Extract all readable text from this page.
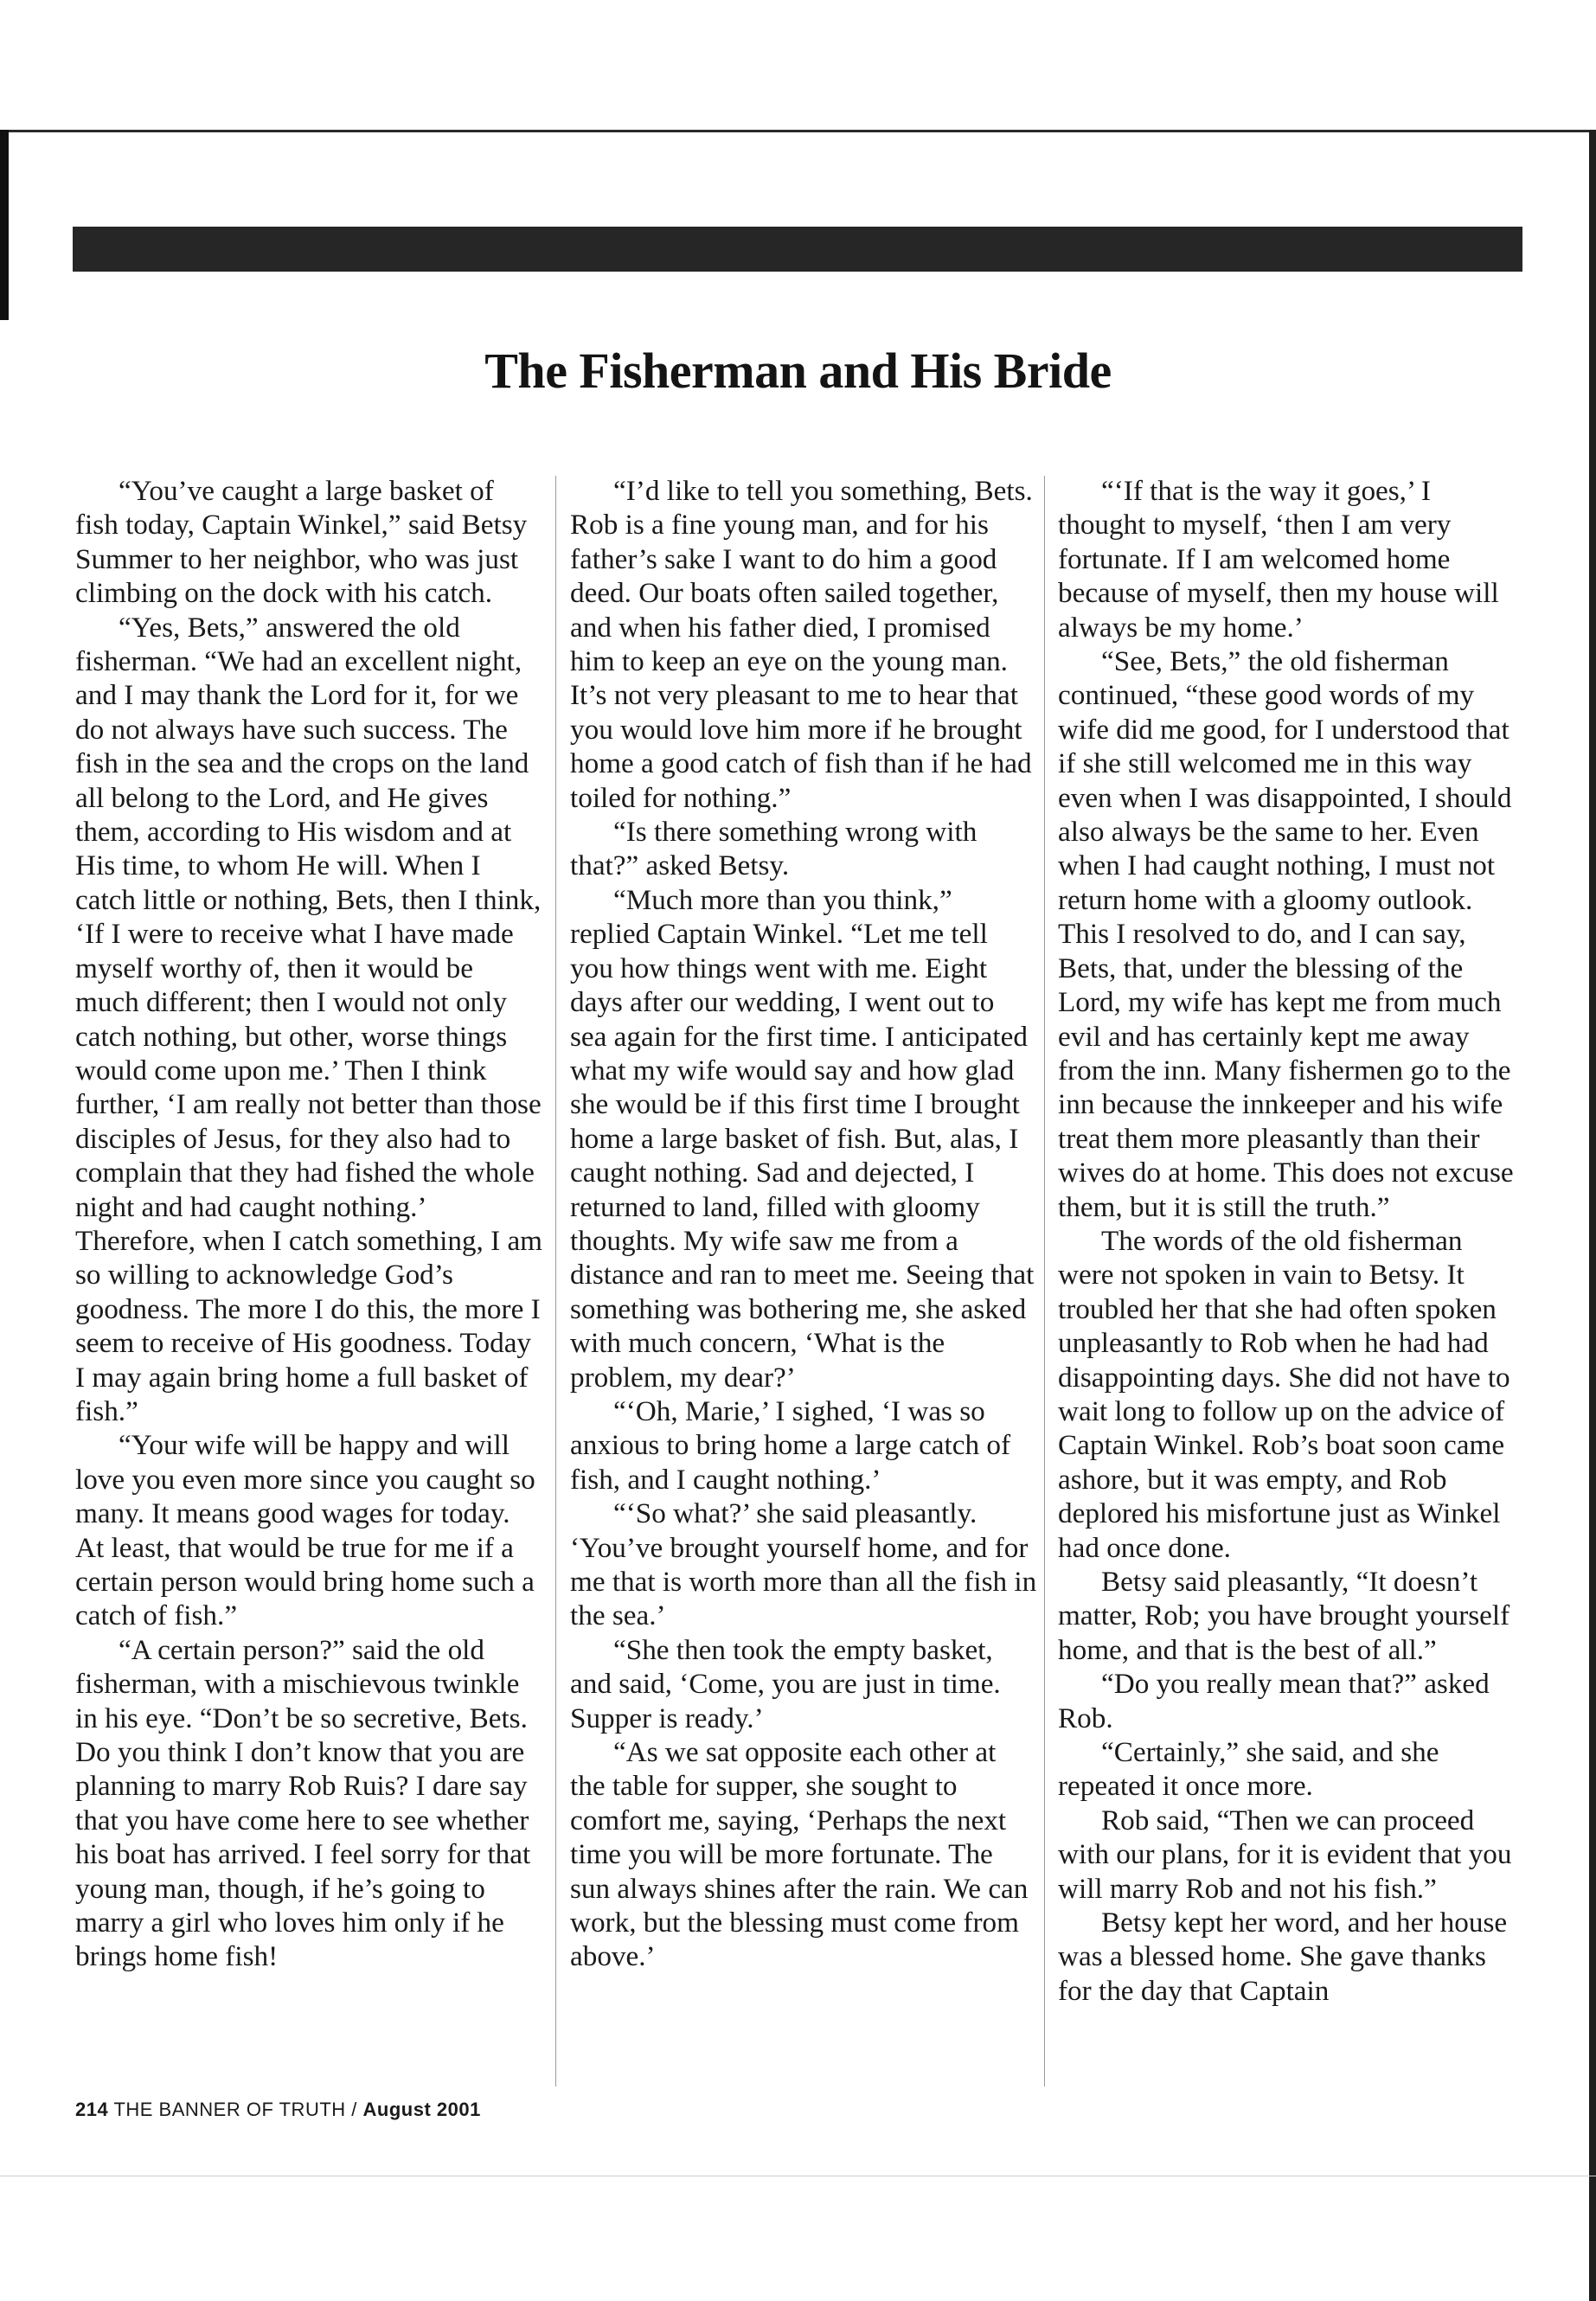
The Fisherman and His Bride

“You’ve caught a large basket of fish today, Captain Winkel,” said Betsy Summer to her neighbor, who was just climbing on the dock with his catch.

“Yes, Bets,” answered the old fisherman. “We had an excellent night, and I may thank the Lord for it, for we do not always have such success. The fish in the sea and the crops on the land all belong to the Lord, and He gives them, according to His wisdom and at His time, to whom He will. When I catch little or nothing, Bets, then I think, ‘If I were to receive what I have made myself worthy of, then it would be much different; then I would not only catch nothing, but other, worse things would come upon me.’ Then I think further, ‘I am really not better than those disciples of Jesus, for they also had to complain that they had fished the whole night and had caught nothing.’ Therefore, when I catch something, I am so willing to acknowledge God’s goodness. The more I do this, the more I seem to receive of His goodness. Today I may again bring home a full basket of fish.”

“Your wife will be happy and will love you even more since you caught so many. It means good wages for today. At least, that would be true for me if a certain person would bring home such a catch of fish.”

“A certain person?” said the old fisherman, with a mischievous twinkle in his eye. “Don’t be so secretive, Bets. Do you think I don’t know that you are planning to marry Rob Ruis? I dare say that you have come here to see whether his boat has arrived. I feel sorry for that young man, though, if he’s going to marry a girl who loves him only if he brings home fish!

“I’d like to tell you something, Bets. Rob is a fine young man, and for his father’s sake I want to do him a good deed. Our boats often sailed together, and when his father died, I promised him to keep an eye on the young man. It’s not very pleasant to me to hear that you would love him more if he brought home a good catch of fish than if he had toiled for nothing.”

“Is there something wrong with that?” asked Betsy.

“Much more than you think,” replied Captain Winkel. “Let me tell you how things went with me. Eight days after our wedding, I went out to sea again for the first time. I anticipated what my wife would say and how glad she would be if this first time I brought home a large basket of fish. But, alas, I caught nothing. Sad and dejected, I returned to land, filled with gloomy thoughts. My wife saw me from a distance and ran to meet me. Seeing that something was bothering me, she asked with much concern, ‘What is the problem, my dear?’

“‘Oh, Marie,’ I sighed, ‘I was so anxious to bring home a large catch of fish, and I caught nothing.’

“‘So what?’ she said pleasantly. ‘You’ve brought yourself home, and for me that is worth more than all the fish in the sea.’

“She then took the empty basket, and said, ‘Come, you are just in time. Supper is ready.’

“As we sat opposite each other at the table for supper, she sought to comfort me, saying, ‘Perhaps the next time you will be more fortunate. The sun always shines after the rain. We can work, but the blessing must come from above.’

“‘If that is the way it goes,’ I thought to myself, ‘then I am very fortunate. If I am welcomed home because of myself, then my house will always be my home.’

“See, Bets,” the old fisherman continued, “these good words of my wife did me good, for I understood that if she still welcomed me in this way even when I was disappointed, I should also always be the same to her. Even when I had caught nothing, I must not return home with a gloomy outlook. This I resolved to do, and I can say, Bets, that, under the blessing of the Lord, my wife has kept me from much evil and has certainly kept me away from the inn. Many fishermen go to the inn because the innkeeper and his wife treat them more pleasantly than their wives do at home. This does not excuse them, but it is still the truth.”

The words of the old fisherman were not spoken in vain to Betsy. It troubled her that she had often spoken unpleasantly to Rob when he had had disappointing days. She did not have to wait long to follow up on the advice of Captain Winkel. Rob’s boat soon came ashore, but it was empty, and Rob deplored his misfortune just as Winkel had once done.

Betsy said pleasantly, “It doesn’t matter, Rob; you have brought yourself home, and that is the best of all.”

“Do you really mean that?” asked Rob.

“Certainly,” she said, and she repeated it once more.

Rob said, “Then we can proceed with our plans, for it is evident that you will marry Rob and not his fish.”

Betsy kept her word, and her house was a blessed home. She gave thanks for the day that Captain

214 THE BANNER OF TRUTH / August 2001
